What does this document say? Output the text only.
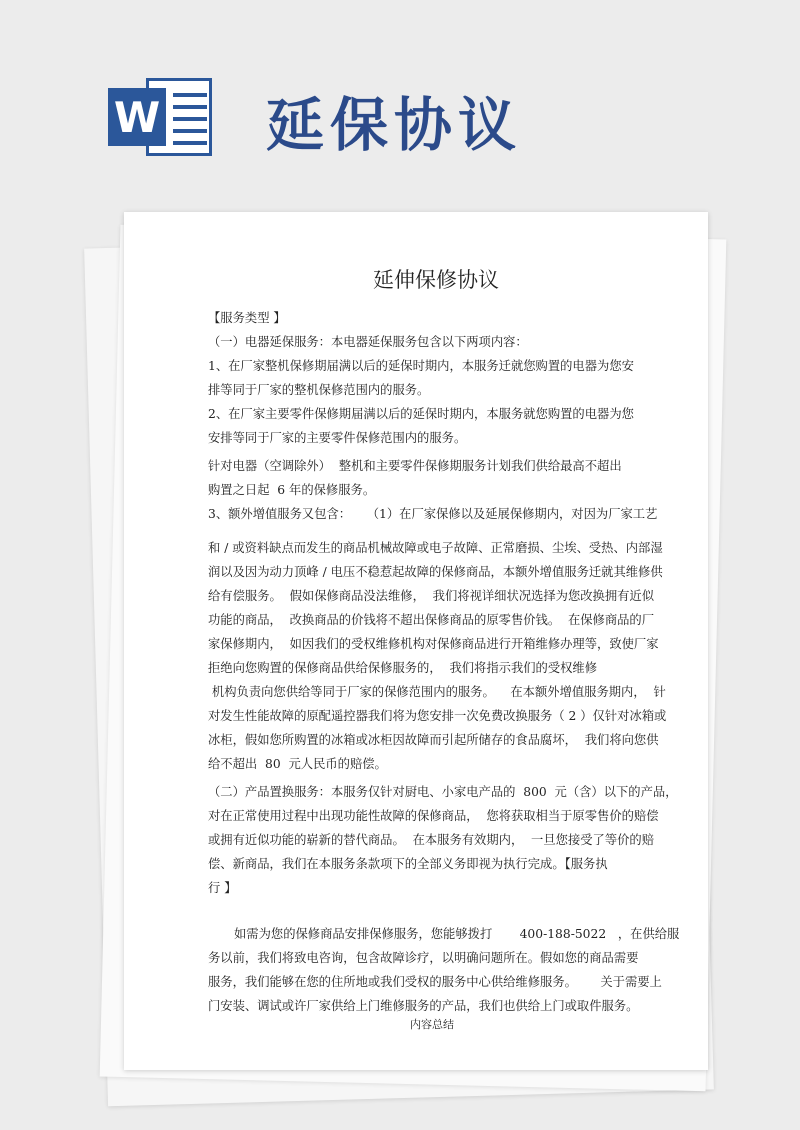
W 延保协议
延伸保修协议

【服务类型 】

（一）电器延保服务：本电器延保服务包含以下两项内容：

1、在厂家整机保修期届满以后的延保时期内，本服务迁就您购置的电器为您安

排等同于厂家的整机保修范围内的服务。

2、在厂家主要零件保修期届满以后的延保时期内，本服务就您购置的电器为您

安排等同于厂家的主要零件保修范围内的服务。

针对电器（空调除外）  整机和主要零件保修期服务计划我们供给最高不超出

购置之日起  6 年的保修服务。

3、额外增值服务又包含：    （1）在厂家保修以及延展保修期内，对因为厂家工艺

和 / 或资料缺点而发生的商品机械故障或电子故障、正常磨损、尘埃、受热、内部湿

润以及因为动力顶峰 / 电压不稳惹起故障的保修商品，本额外增值服务迁就其维修供

给有偿服务。  假如保修商品没法维修，  我们将视详细状况选择为您改换拥有近似

功能的商品，  改换商品的价钱将不超出保修商品的原零售价钱。  在保修商品的厂

家保修期内，  如因我们的受权维修机构对保修商品进行开箱维修办理等，致使厂家

拒绝向您购置的保修商品供给保修服务的，  我们将指示我们的受权维修

机构负责向您供给等同于厂家的保修范围内的服务。    在本额外增值服务期内，  针

对发生性能故障的原配遥控器我们将为您安排一次免费改换服务（ 2 ）仅针对冰箱或

冰柜，假如您所购置的冰箱或冰柜因故障而引起所储存的食品腐坏，  我们将向您供

给不超出  80  元人民币的赔偿。

（二）产品置换服务：本服务仅针对厨电、小家电产品的  800  元（含）以下的产品，

对在正常使用过程中出现功能性故障的保修商品，  您将获取相当于原零售价的赔偿

或拥有近似功能的崭新的替代商品。  在本服务有效期内，  一旦您接受了等价的赔

偿、新商品，我们在本服务条款项下的全部义务即视为执行完成。【服务执

行 】

如需为您的保修商品安排保修服务，您能够拨打       400-188-5022   ，在供给服

务以前，我们将致电咨询，包含故障诊疗，以明确问题所在。假如您的商品需要

服务，我们能够在您的住所地或我们受权的服务中心供给维修服务。      关于需要上

门安装、调试或许厂家供给上门维修服务的产品，我们也供给上门或取件服务。

内容总结
